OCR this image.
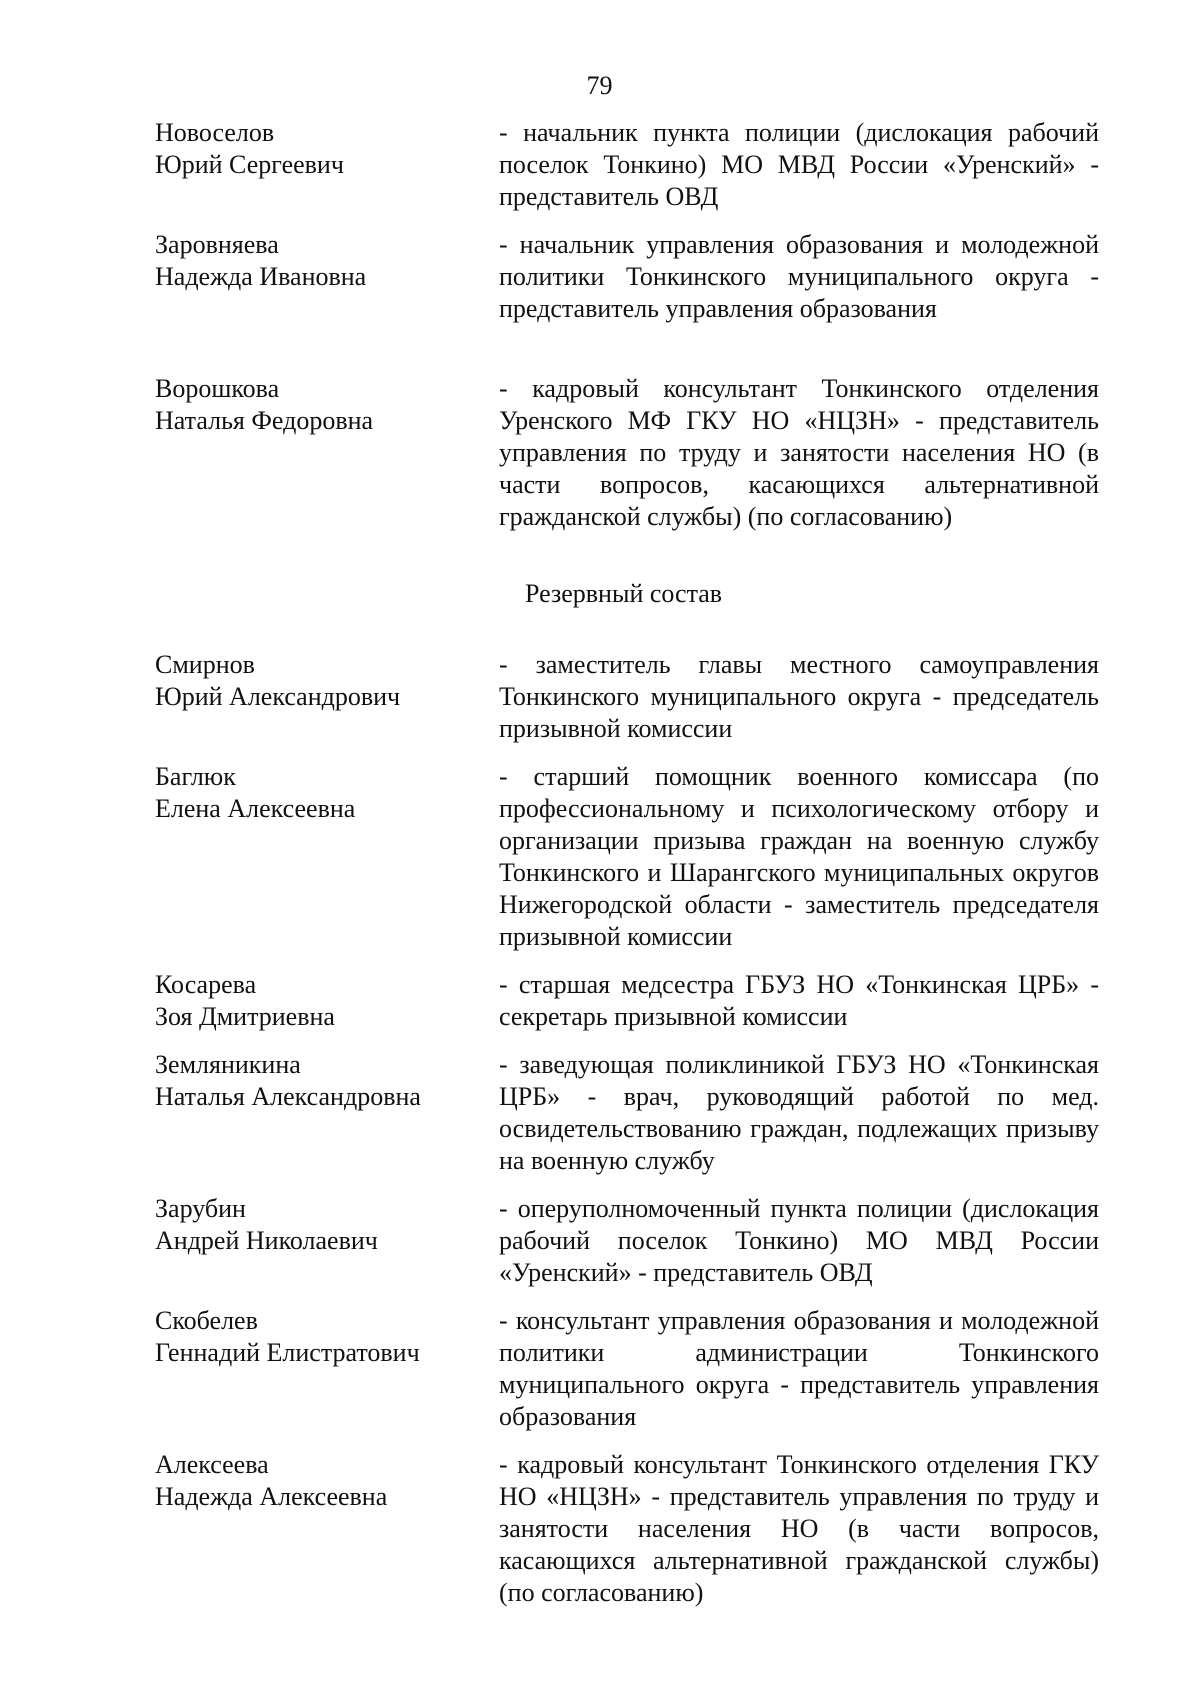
79
Новоселов
Юрий Сергеевич
- начальник пункта полиции (дислокация рабочий поселок Тонкино) МО МВД России «Уренский» - представитель ОВД
Заровняева
Надежда Ивановна
- начальник управления образования и молодежной политики Тонкинского муниципального округа - представитель управления образования
Ворошкова
Наталья Федоровна
- кадровый консультант Тонкинского отделения Уренского МФ ГКУ НО «НЦЗН» - представитель управления по труду и занятости населения НО (в части вопросов, касающихся альтернативной гражданской службы) (по согласованию)
Резервный состав
Смирнов
Юрий Александрович
- заместитель главы местного самоуправления Тонкинского муниципального округа - председатель призывной комиссии
Баглюк
Елена Алексеевна
- старший помощник военного комиссара (по профессиональному и психологическому отбору и организации призыва граждан на военную службу Тонкинского и Шарангского муниципальных округов Нижегородской области - заместитель председателя призывной комиссии
Косарева
Зоя Дмитриевна
- старшая медсестра ГБУЗ НО «Тонкинская ЦРБ» - секретарь призывной комиссии
Земляникина
Наталья Александровна
- заведующая поликлиникой ГБУЗ НО «Тонкинская ЦРБ» - врач, руководящий работой по мед. освидетельствованию граждан, подлежащих призыву на военную службу
Зарубин
Андрей Николаевич
- оперуполномоченный пункта полиции (дислокация рабочий поселок Тонкино) МО МВД России «Уренский» - представитель ОВД
Скобелев
Геннадий Елистратович
- консультант управления образования и молодежной политики администрации Тонкинского муниципального округа - представитель управления образования
Алексеева
Надежда Алексеевна
- кадровый консультант Тонкинского отделения ГКУ НО «НЦЗН» - представитель управления по труду и занятости населения НО (в части вопросов, касающихся альтернативной гражданской службы) (по согласованию)
